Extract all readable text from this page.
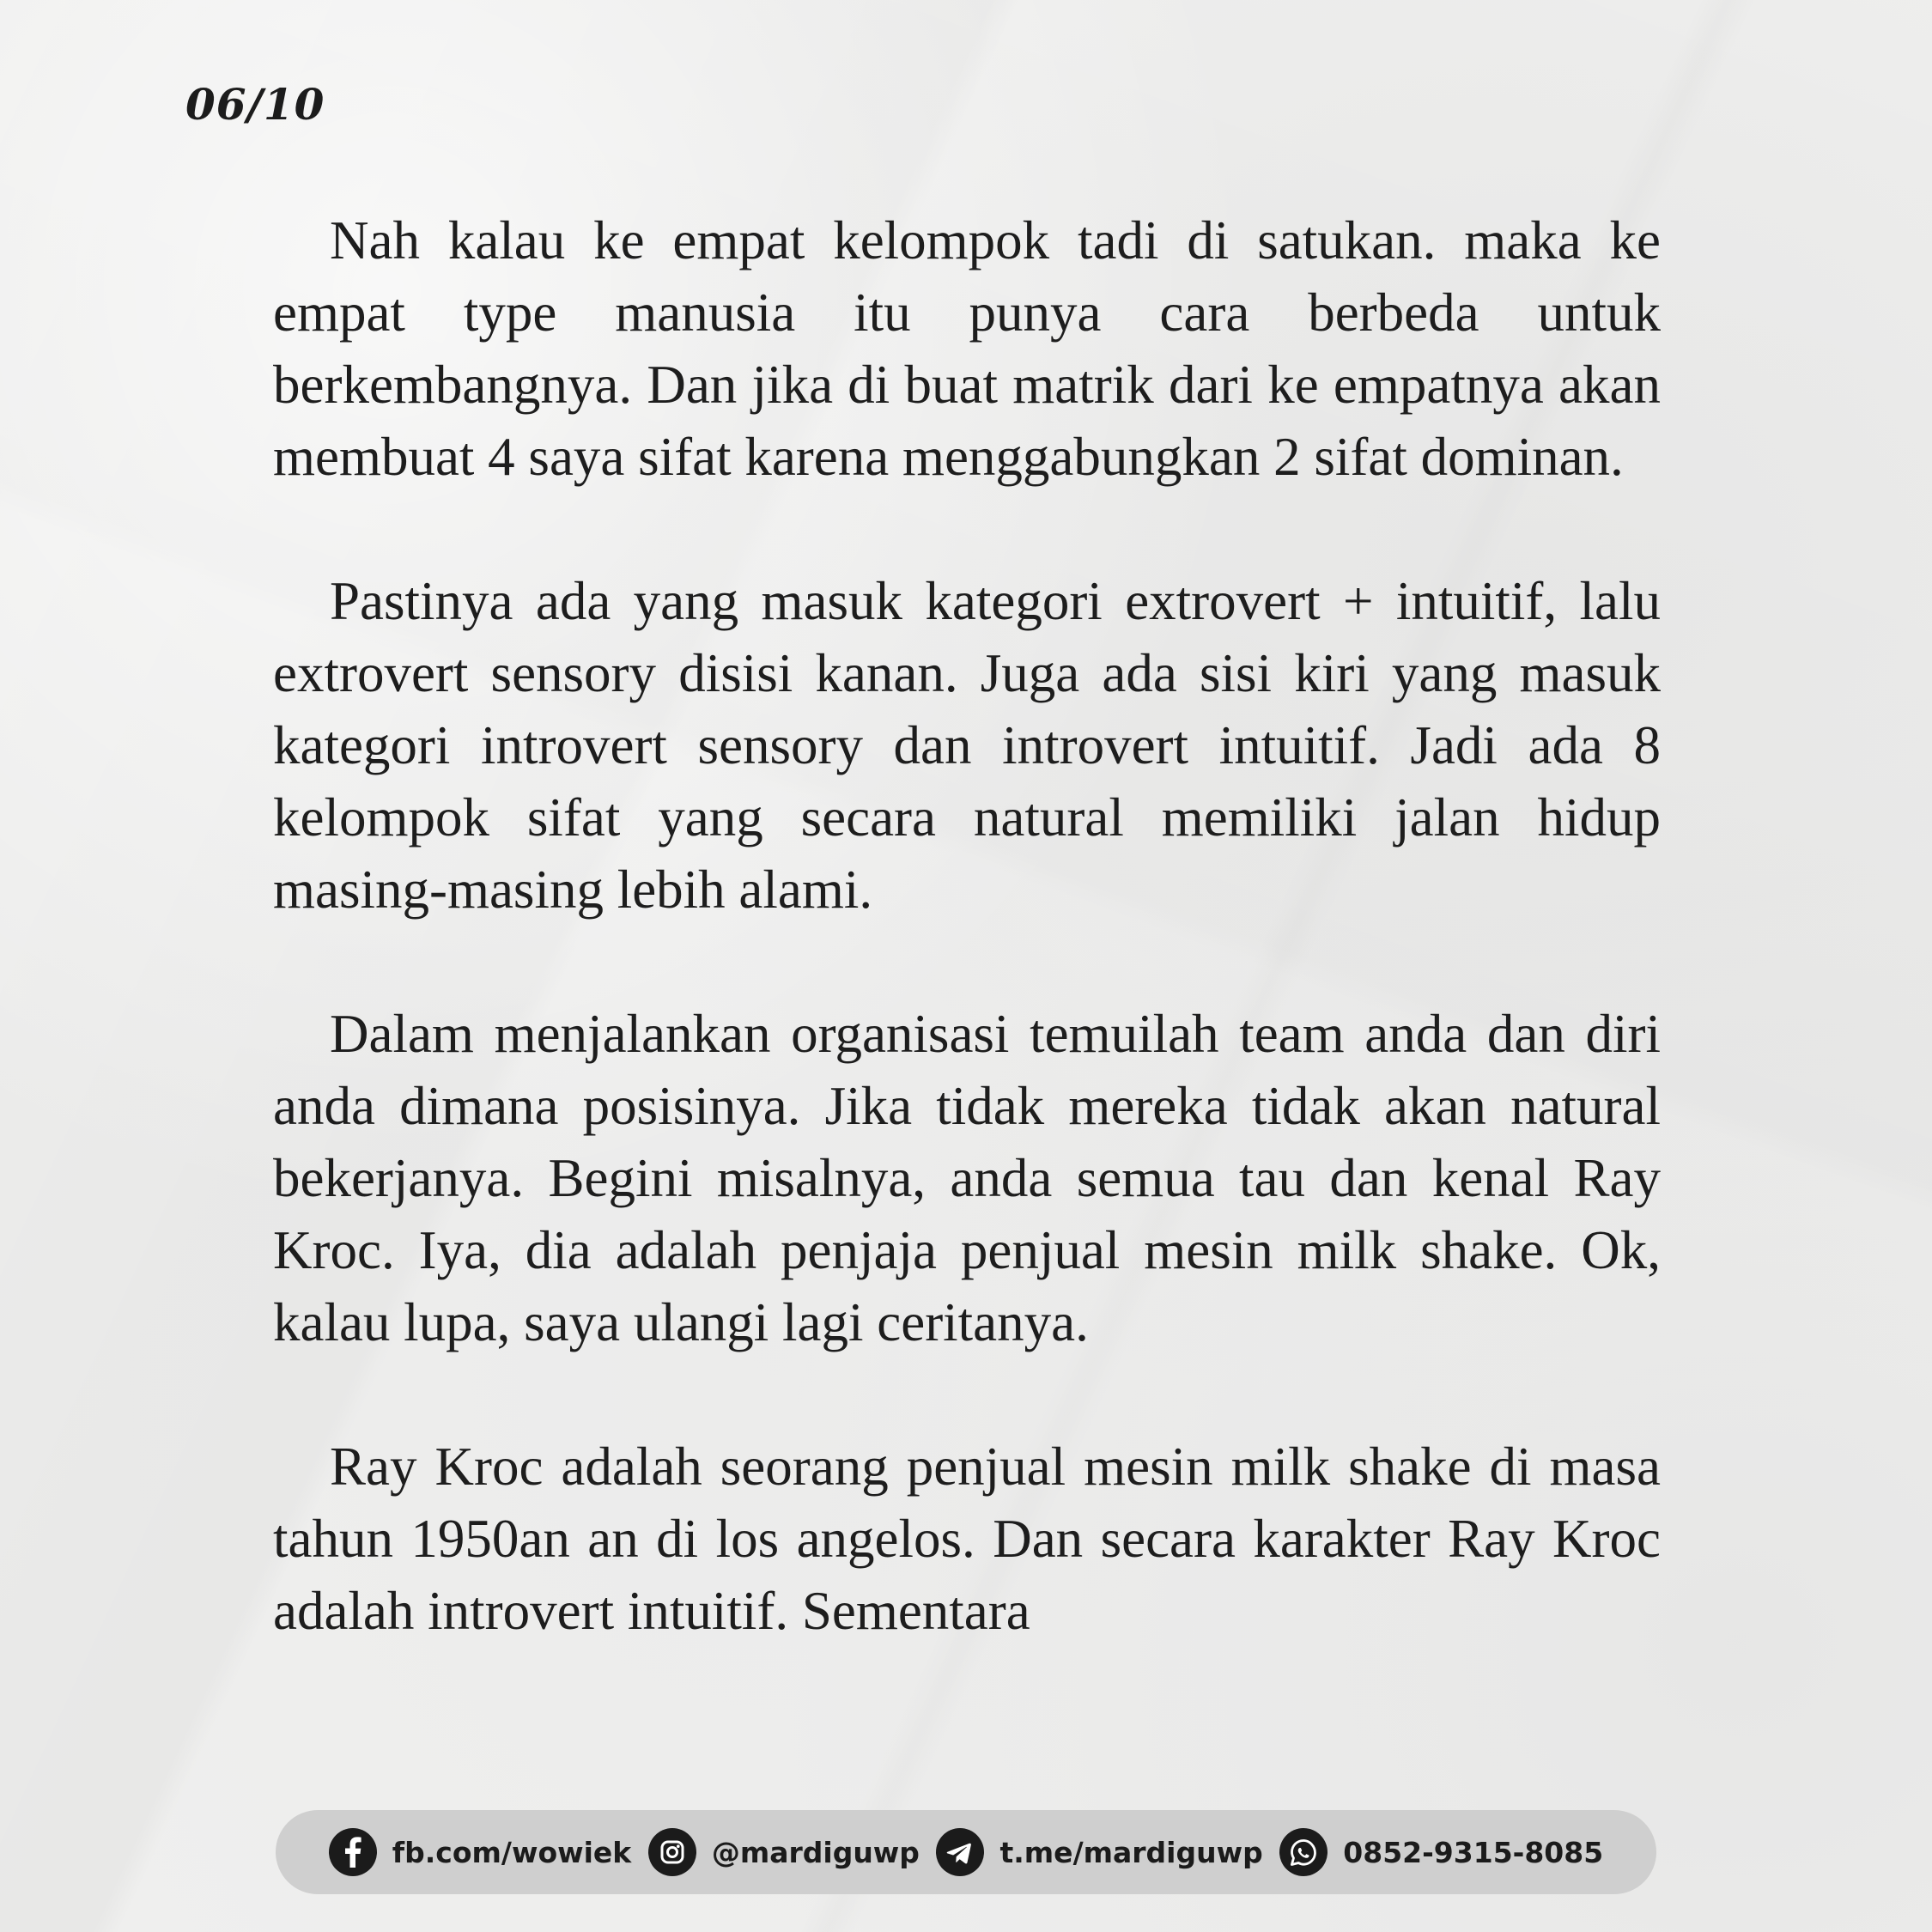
06/10

Nah kalau ke empat kelompok tadi di satukan. maka ke empat type manusia itu punya cara berbeda untuk berkembangnya. Dan jika di buat matrik dari ke empatnya akan membuat 4 saya sifat karena menggabungkan 2 sifat dominan.

Pastinya ada yang masuk kategori extrovert + intuitif, lalu extrovert sensory disisi kanan. Juga ada sisi kiri yang masuk kategori introvert sensory dan introvert intuitif. Jadi ada 8 kelompok sifat yang secara natural memiliki jalan hidup masing-masing lebih alami.

Dalam menjalankan organisasi temuilah team anda dan diri anda dimana posisinya. Jika tidak mereka tidak akan natural bekerjanya. Begini misalnya, anda semua tau dan kenal Ray Kroc. Iya, dia adalah penjaja penjual mesin milk shake. Ok, kalau lupa, saya ulangi lagi ceritanya.

Ray Kroc adalah seorang penjual mesin milk shake di masa tahun 1950an an di los angelos. Dan secara karakter Ray Kroc adalah introvert intuitif. Sementara

fb.com/wowiek	@mardiguwp	t.me/mardiguwp	0852-9315-8085
